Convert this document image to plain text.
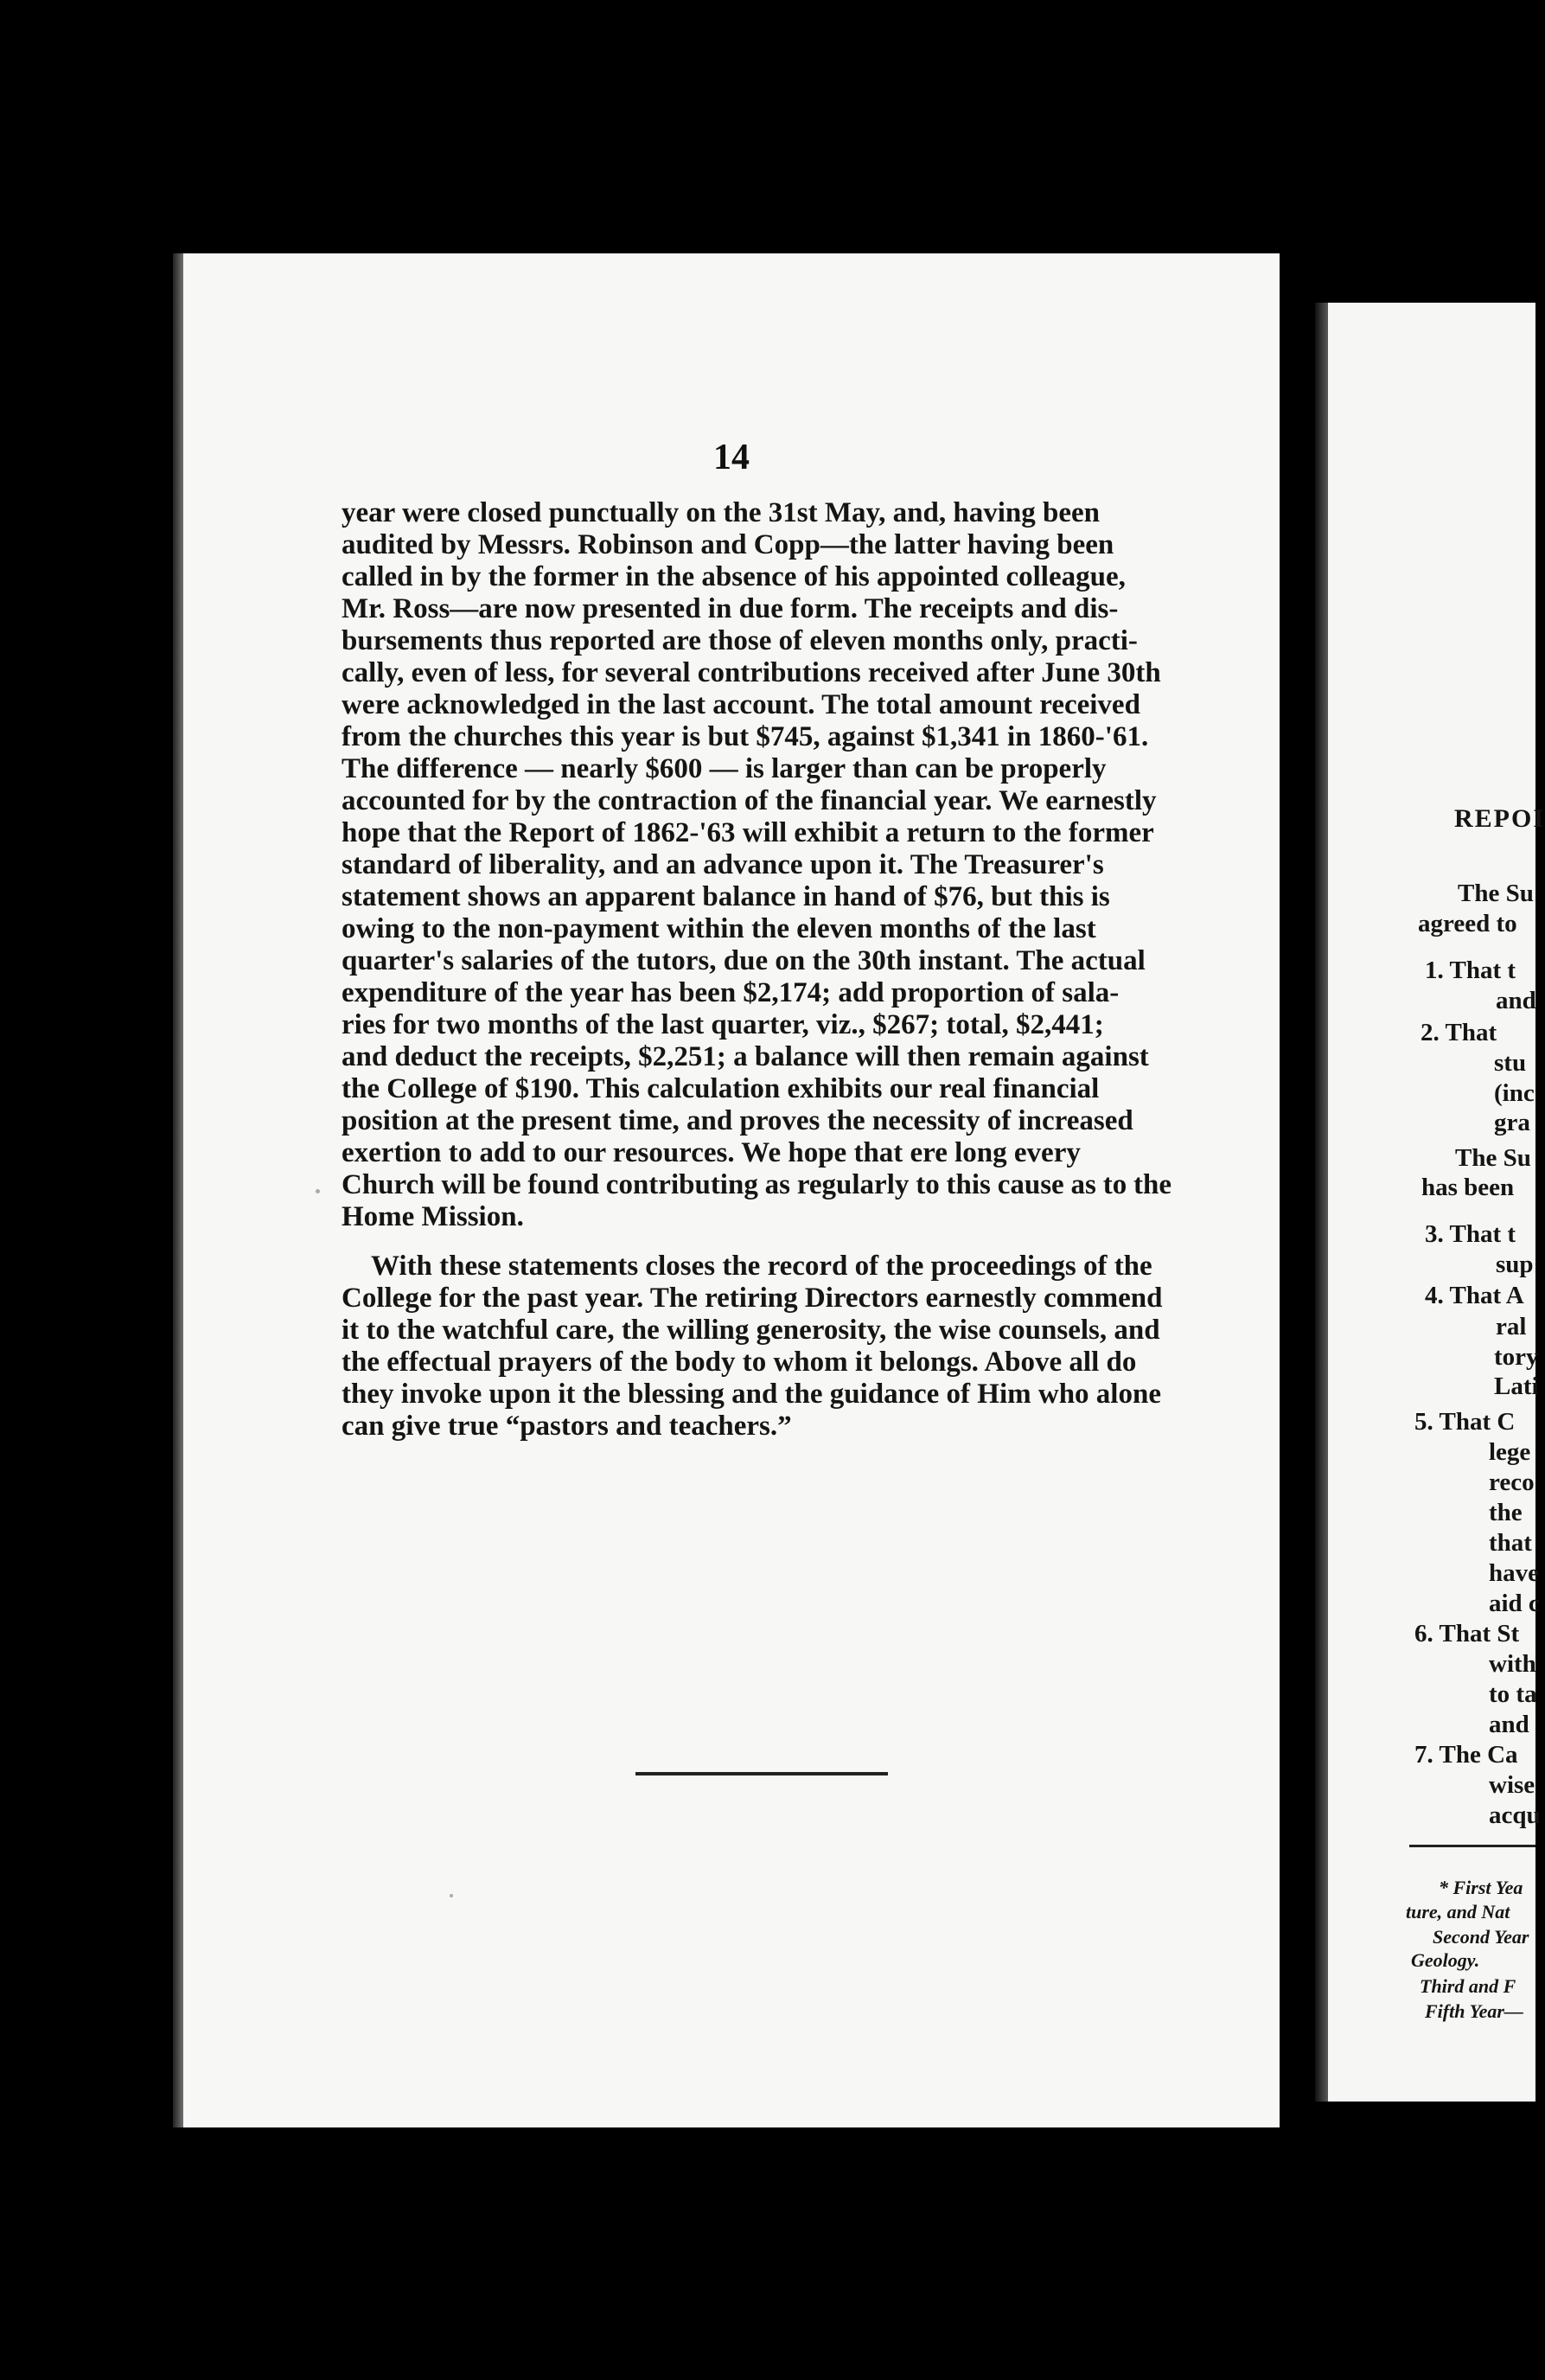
14
year were closed punctually on the 31st May, and, having been
audited by Messrs. Robinson and Copp—the latter having been
called in by the former in the absence of his appointed colleague,
Mr. Ross—are now presented in due form. The receipts and dis-
bursements thus reported are those of eleven months only, practi-
cally, even of less, for several contributions received after June 30th
were acknowledged in the last account. The total amount received
from the churches this year is but $745, against $1,341 in 1860-'61.
The difference — nearly $600 — is larger than can be properly
accounted for by the contraction of the financial year. We earnestly
hope that the Report of 1862-'63 will exhibit a return to the former
standard of liberality, and an advance upon it. The Treasurer's
statement shows an apparent balance in hand of $76, but this is
owing to the non-payment within the eleven months of the last
quarter's salaries of the tutors, due on the 30th instant. The actual
expenditure of the year has been $2,174; add proportion of sala-
ries for two months of the last quarter, viz., $267; total, $2,441;
and deduct the receipts, $2,251; a balance will then remain against
the College of $190. This calculation exhibits our real financial
position at the present time, and proves the necessity of increased
exertion to add to our resources. We hope that ere long every
Church will be found contributing as regularly to this cause as to the
Home Mission.
With these statements closes the record of the proceedings of the
College for the past year. The retiring Directors earnestly commend
it to the watchful care, the willing generosity, the wise counsels, and
the effectual prayers of the body to whom it belongs. Above all do
they invoke upon it the blessing and the guidance of Him who alone
can give true “pastors and teachers.”
REPOI
The Su
agreed to
1. That t
and
2. That
stu
(inc
gra
The Su
has been
3. That t
sup
4. That A
ral
tory
Lati
5. That C
lege
reco
the
that
have
aid c
6. That St
with
to ta
and
7. The Ca
wise
acqu
* First Yea
ture, and Nat
Second Year
Geology.
Third and F
Fifth Year—
